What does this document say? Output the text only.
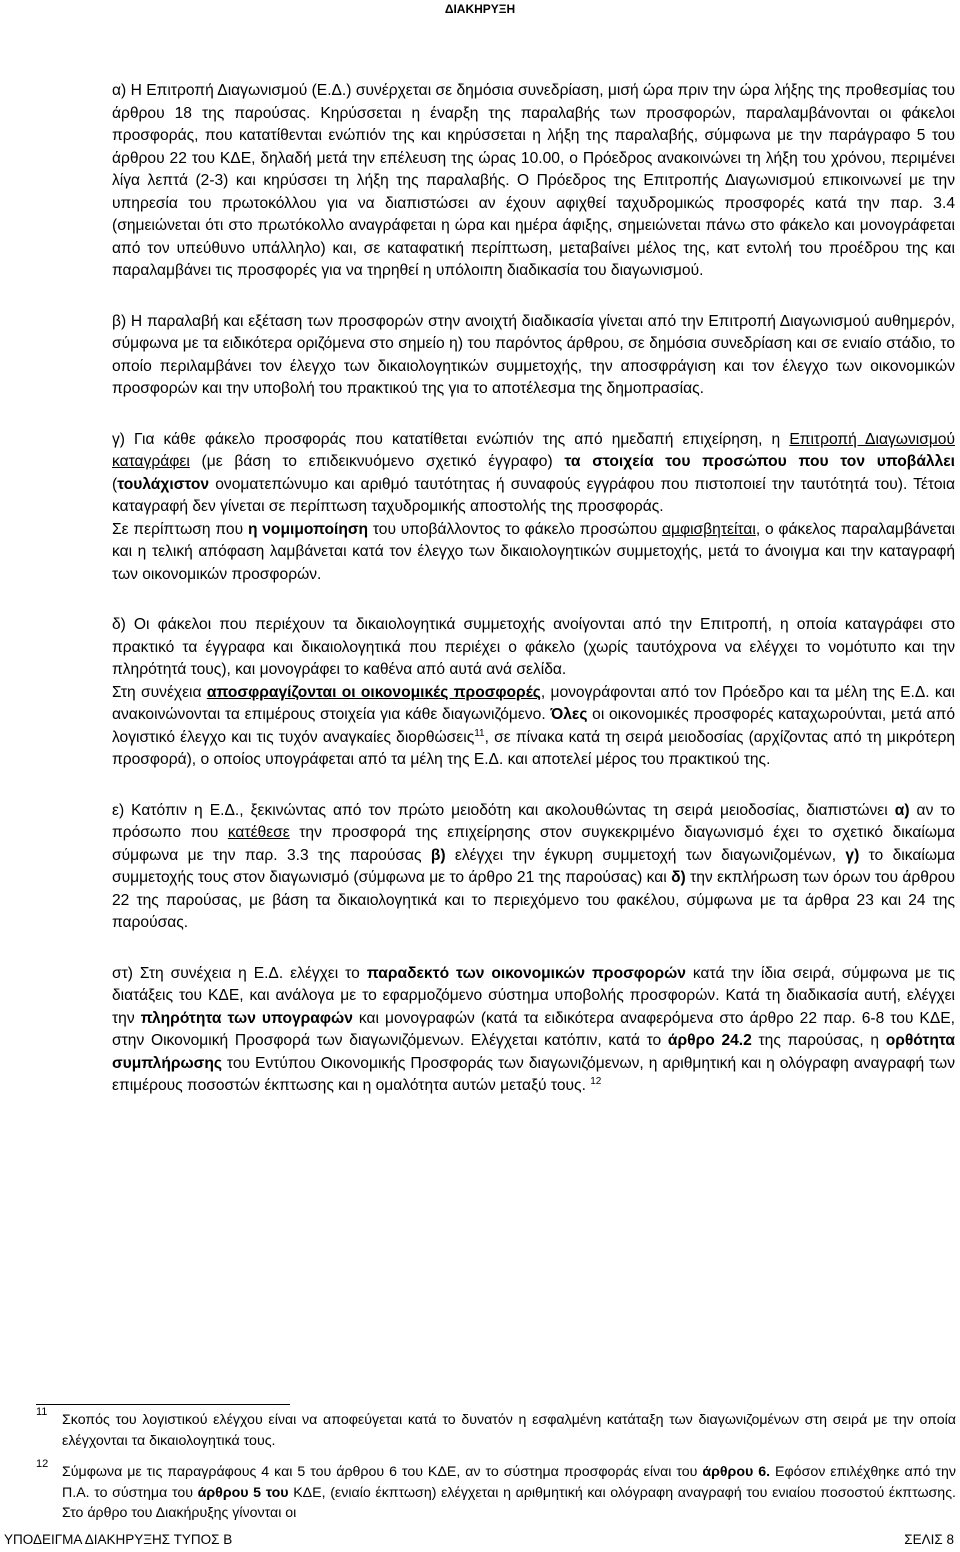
ΔΙΑΚΗΡΥΞΗ

α) Η Επιτροπή Διαγωνισμού (Ε.Δ.) συνέρχεται σε δημόσια συνεδρίαση, μισή ώρα πριν την ώρα λήξης της προθεσμίας του άρθρου 18 της παρούσας. Κηρύσσεται η έναρξη της παραλαβής των προσφορών, παραλαμβάνονται οι φάκελοι προσφοράς, που κατατίθενται ενώπιόν της και κηρύσσεται η λήξη της παραλαβής, σύμφωνα με την παράγραφο 5 του άρθρου 22 του ΚΔΕ, δηλαδή μετά την επέλευση της ώρας 10.00, ο Πρόεδρος ανακοινώνει τη λήξη του χρόνου, περιμένει λίγα λεπτά (2-3) και κηρύσσει τη λήξη της παραλαβής. Ο Πρόεδρος της Επιτροπής Διαγωνισμού επικοινωνεί με την υπηρεσία του πρωτοκόλλου για να διαπιστώσει αν έχουν αφιχθεί ταχυδρομικώς προσφορές κατά την παρ. 3.4 (σημειώνεται ότι στο πρωτόκολλο αναγράφεται η ώρα και ημέρα άφιξης, σημειώνεται πάνω στο φάκελο και μονογράφεται από τον υπεύθυνο υπάλληλο) και, σε καταφατική περίπτωση, μεταβαίνει μέλος της, κατ εντολή του προέδρου της και παραλαμβάνει τις προσφορές για να τηρηθεί η υπόλοιπη διαδικασία του διαγωνισμού.

β) Η παραλαβή και εξέταση των προσφορών στην ανοιχτή διαδικασία γίνεται από την Επιτροπή Διαγωνισμού αυθημερόν, σύμφωνα με τα ειδικότερα οριζόμενα στο σημείο η) του παρόντος άρθρου, σε δημόσια συνεδρίαση και σε ενιαίο στάδιο, το οποίο περιλαμβάνει τον έλεγχο των δικαιολογητικών συμμετοχής, την αποσφράγιση και τον έλεγχο των οικονομικών προσφορών και την υποβολή του πρακτικού της για το αποτέλεσμα της δημοπρασίας.

γ) Για κάθε φάκελο προσφοράς που κατατίθεται ενώπιόν της από ημεδαπή επιχείρηση, η Επιτροπή Διαγωνισμού καταγράφει (με βάση το επιδεικνυόμενο σχετικό έγγραφο) τα στοιχεία του προσώπου που τον υποβάλλει (τουλάχιστον ονοματεπώνυμο και αριθμό ταυτότητας ή συναφούς εγγράφου που πιστοποιεί την ταυτότητά του). Τέτοια καταγραφή δεν γίνεται σε περίπτωση ταχυδρομικής αποστολής της προσφοράς.

Σε περίπτωση που η νομιμοποίηση του υποβάλλοντος το φάκελο προσώπου αμφισβητείται, ο φάκελος παραλαμβάνεται και η τελική απόφαση λαμβάνεται κατά τον έλεγχο των δικαιολογητικών συμμετοχής, μετά το άνοιγμα και την καταγραφή των οικονομικών προσφορών.

δ) Οι φάκελοι που περιέχουν τα δικαιολογητικά συμμετοχής ανοίγονται από την Επιτροπή, η οποία καταγράφει στο πρακτικό τα έγγραφα και δικαιολογητικά που περιέχει ο φάκελο (χωρίς ταυτόχρονα να ελέγχει το νομότυπο και την πληρότητά τους), και μονογράφει το καθένα από αυτά ανά σελίδα.

Στη συνέχεια αποσφραγίζονται οι οικονομικές προσφορές, μονογράφονται από τον Πρόεδρο και τα μέλη της Ε.Δ. και ανακοινώνονται τα επιμέρους στοιχεία για κάθε διαγωνιζόμενο. Όλες οι οικονομικές προσφορές καταχωρούνται, μετά από λογιστικό έλεγχο και τις τυχόν αναγκαίες διορθώσεις$^{11}$, σε πίνακα κατά τη σειρά μειοδοσίας (αρχίζοντας από τη μικρότερη προσφορά), ο οποίος υπογράφεται από τα μέλη της Ε.Δ. και αποτελεί μέρος του πρακτικού της.

ε) Κατόπιν η Ε.Δ., ξεκινώντας από τον πρώτο μειοδότη και ακολουθώντας τη σειρά μειοδοσίας, διαπιστώνει α) αν το πρόσωπο που κατέθεσε την προσφορά της επιχείρησης στον συγκεκριμένο διαγωνισμό έχει το σχετικό δικαίωμα σύμφωνα με την παρ. 3.3 της παρούσας β) ελέγχει την έγκυρη συμμετοχή των διαγωνιζομένων, γ) το δικαίωμα συμμετοχής τους στον διαγωνισμό (σύμφωνα με το άρθρο 21 της παρούσας) και δ) την εκπλήρωση των όρων του άρθρου 22 της παρούσας, με βάση τα δικαιολογητικά και το περιεχόμενο του φακέλου, σύμφωνα με τα άρθρα 23 και 24 της παρούσας.

στ) Στη συνέχεια η Ε.Δ. ελέγχει το παραδεκτό των οικονομικών προσφορών κατά την ίδια σειρά, σύμφωνα με τις διατάξεις του ΚΔΕ, και ανάλογα με το εφαρμοζόμενο σύστημα υποβολής προσφορών. Κατά τη διαδικασία αυτή, ελέγχει την πληρότητα των υπογραφών και μονογραφών (κατά τα ειδικότερα αναφερόμενα στο άρθρο 22 παρ. 6-8 του ΚΔΕ, στην Οικονομική Προσφορά των διαγωνιζόμενων. Ελέγχεται κατόπιν, κατά το άρθρο 24.2 της παρούσας, η ορθότητα συμπλήρωσης του Εντύπου Οικονομικής Προσφοράς των διαγωνιζόμενων, η αριθμητική και η ολόγραφη αναγραφή των επιμέρους ποσοστών έκπτωσης και η ομαλότητα αυτών μεταξύ τους. $^{12}$

11 Σκοπός του λογιστικού ελέγχου είναι να αποφεύγεται κατά το δυνατόν η εσφαλμένη κατάταξη των διαγωνιζομένων στη σειρά με την οποία ελέγχονται τα δικαιολογητικά τους.
12 Σύμφωνα με τις παραγράφους 4 και 5 του άρθρου 6 του ΚΔΕ, αν το σύστημα προσφοράς είναι του άρθρου 6. Εφόσον επιλέχθηκε από την Π.Α. το σύστημα του άρθρου 5 του ΚΔΕ, (ενιαίο έκπτωση) ελέγχεται η αριθμητική και ολόγραφη αναγραφή του ενιαίου ποσοστού έκπτωσης. Στο άρθρο του Διακήρυξης γίνονται οι
ΥΠΟΔΕΙΓΜΑ ΔΙΑΚΗΡΥΞΗΣ ΤΥΠΟΣ Β	ΣΕΛΙΣ 8
